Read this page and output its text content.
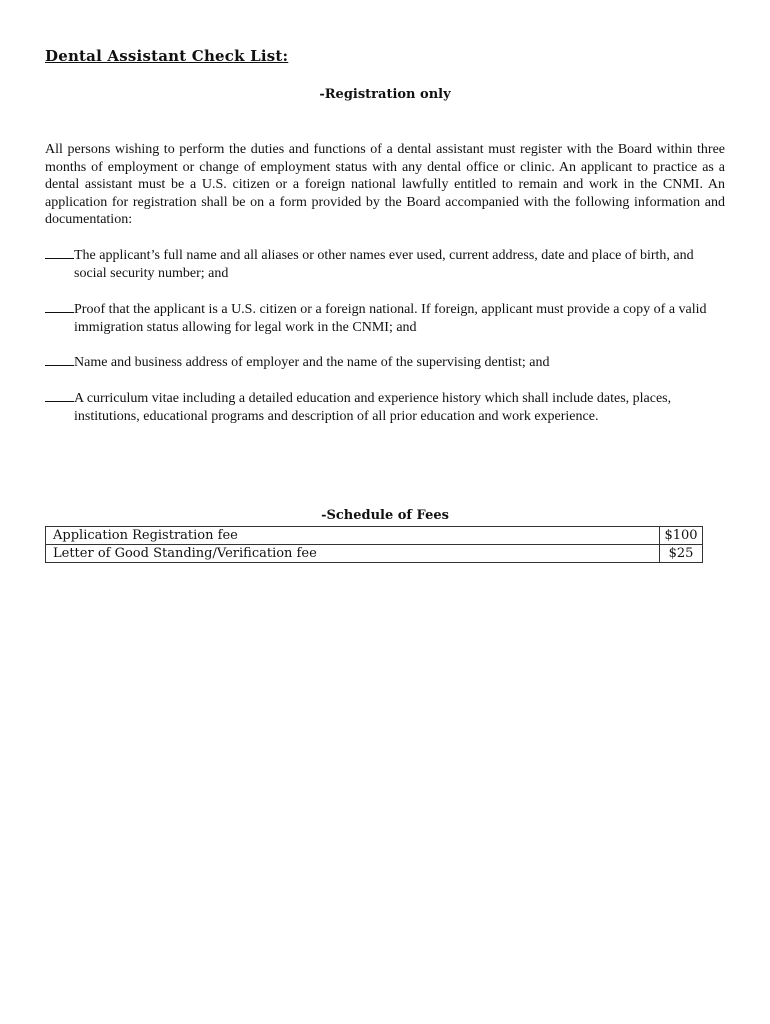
Dental Assistant Check List:
-Registration only

All persons wishing to perform the duties and functions of a dental assistant must register with the Board within three months of employment or change of employment status with any dental office or clinic. An applicant to practice as a dental assistant must be a U.S. citizen or a foreign national lawfully entitled to remain and work in the CNMI. An application for registration shall be on a form provided by the Board accompanied with the following information and documentation:

The applicant’s full name and all aliases or other names ever used, current address, date and place of birth, and social security number; and
Proof that the applicant is a U.S. citizen or a foreign national. If foreign, applicant must provide a copy of a valid immigration status allowing for legal work in the CNMI; and
Name and business address of employer and the name of the supervising dentist; and
A curriculum vitae including a detailed education and experience history which shall include dates, places, institutions, educational programs and description of all prior education and work experience.
-Schedule of Fees
Application Registration fee	$100
Letter of Good Standing/Verification fee	$25
